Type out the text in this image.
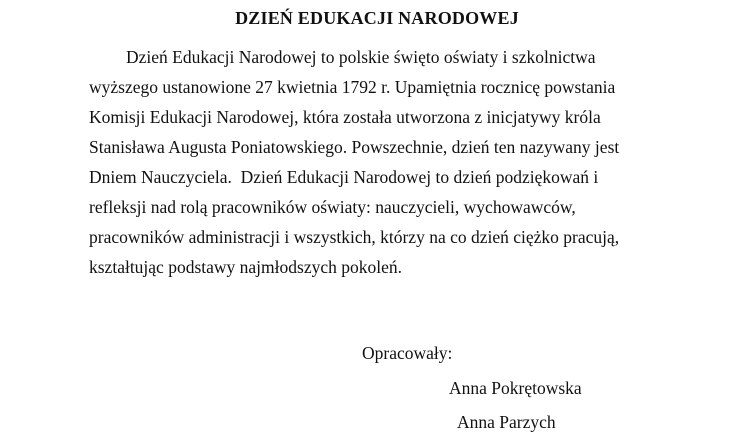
DZIEŃ EDUKACJI NARODOWEJ
Dzień Edukacji Narodowej to polskie święto oświaty i szkolnictwa
wyższego ustanowione 27 kwietnia 1792 r. Upamiętnia rocznicę powstania
Komisji Edukacji Narodowej, która została utworzona z inicjatywy króla
Stanisława Augusta Poniatowskiego. Powszechnie, dzień ten nazywany jest
Dniem Nauczyciela.  Dzień Edukacji Narodowej to dzień podziękowań i
refleksji nad rolą pracowników oświaty: nauczycieli, wychowawców,
pracowników administracji i wszystkich, którzy na co dzień ciężko pracują,
kształtując podstawy najmłodszych pokoleń.
Opracowały:
Anna Pokrętowska
Anna Parzych
